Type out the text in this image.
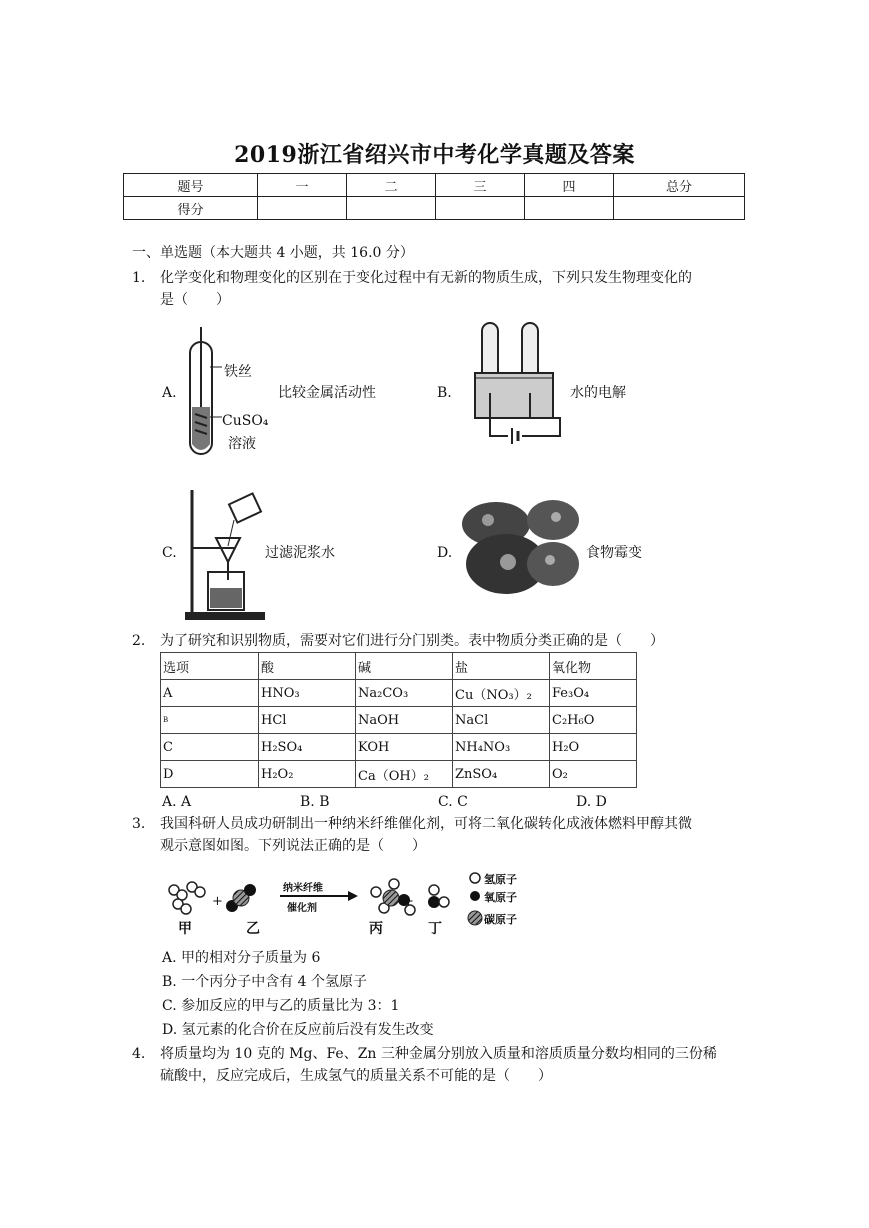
2019浙江省绍兴市中考化学真题及答案
题号	一	二	三	四	总分
得分					
一、单选题（本大题共 4 小题，共 16.0 分）
1. 化学变化和物理变化的区别在于变化过程中有无新的物质生成，下列只发生物理变化的
是（　　）
A.
铁丝
CuSO₄
溶液
比较金属活动性	B.	水的电解
C.	过滤泥浆水	D.	食物霉变
2. 为了研究和识别物质，需要对它们进行分门别类。表中物质分类正确的是（　　）
选项	酸	碱	盐	氧化物
A	HNO₃	Na₂CO₃	Cu（NO₃）₂	Fe₃O₄
B	HCl	NaOH	NaCl	C₂H₆O
C	H₂SO₄	KOH	NH₄NO₃	H₂O
D	H₂O₂	Ca（OH）₂	ZnSO₄	O₂
A. A	B. B	C. C	D. D
3. 我国科研人员成功研制出一种纳米纤维催化剂，可将二氧化碳转化成液体燃料甲醇其微
观示意图如图。下列说法正确的是（　　）
+	+
纳米纤维
催化剂
甲	乙	丙	丁
氢原子
氧原子
碳原子
A. 甲的相对分子质量为 6
B. 一个丙分子中含有 4 个氢原子
C. 参加反应的甲与乙的质量比为 3：1
D. 氢元素的化合价在反应前后没有发生改变
4. 将质量均为 10 克的 Mg、Fe、Zn 三种金属分别放入质量和溶质质量分数均相同的三份稀
硫酸中，反应完成后，生成氢气的质量关系不可能的是（　　）
